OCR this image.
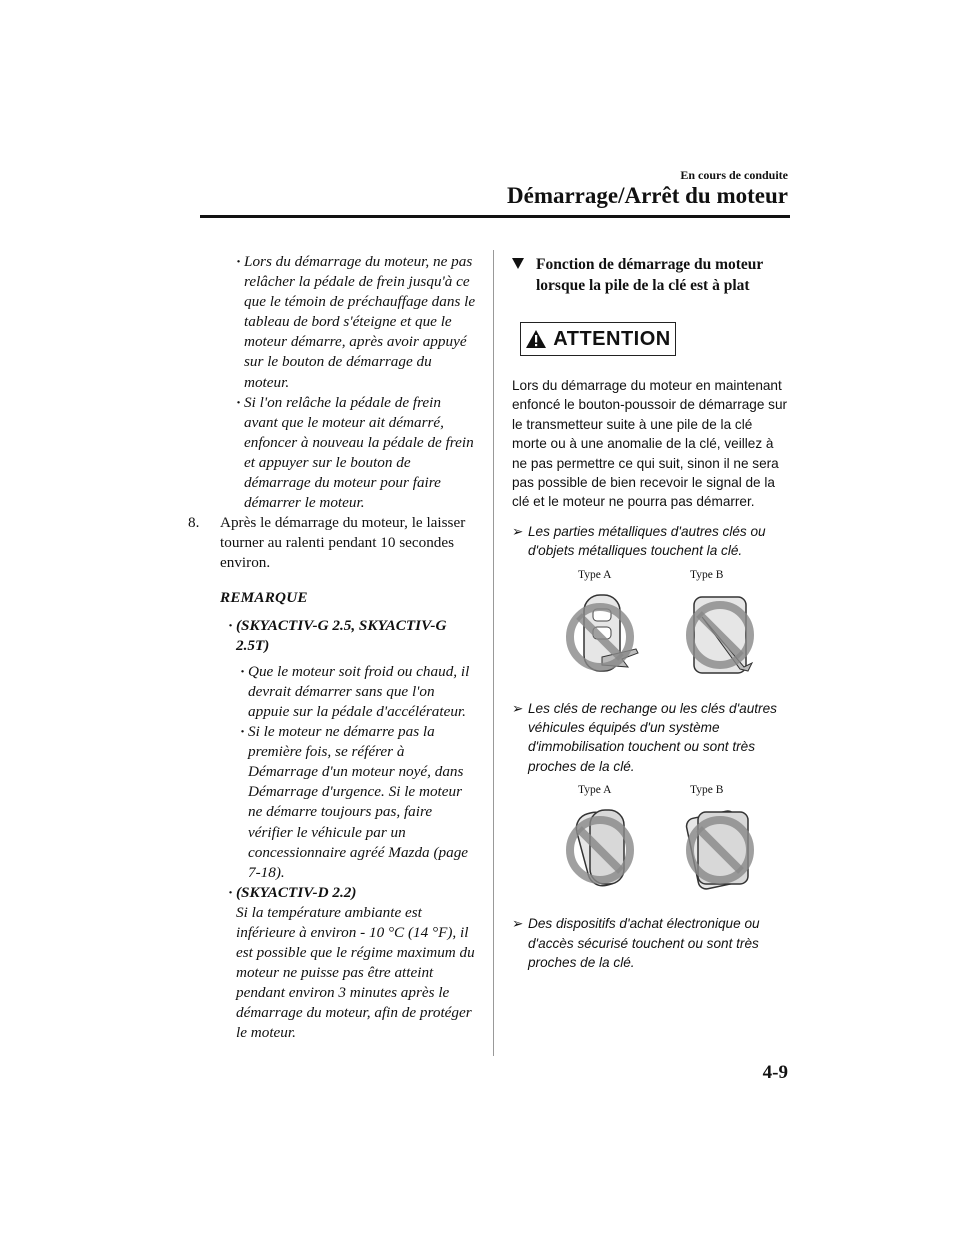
En cours de conduite
Démarrage/Arrêt du moteur
· Lors du démarrage du moteur, ne pas relâcher la pédale de frein jusqu'à ce que le témoin de préchauffage dans le tableau de bord s'éteigne et que le moteur démarre, après avoir appuyé sur le bouton de démarrage du moteur.
· Si l'on relâche la pédale de frein avant que le moteur ait démarré, enfoncer à nouveau la pédale de frein et appuyer sur le bouton de démarrage du moteur pour faire démarrer le moteur.
8. Après le démarrage du moteur, le laisser tourner au ralenti pendant 10 secondes environ.
REMARQUE
· (SKYACTIV-G 2.5, SKYACTIV-G 2.5T)
· Que le moteur soit froid ou chaud, il devrait démarrer sans que l'on appuie sur la pédale d'accélérateur.
· Si le moteur ne démarre pas la première fois, se référer à Démarrage d'un moteur noyé, dans Démarrage d'urgence. Si le moteur ne démarre toujours pas, faire vérifier le véhicule par un concessionnaire agréé Mazda (page 7-18).
· (SKYACTIV-D 2.2)
Si la température ambiante est inférieure à environ - 10 °C (14 °F), il est possible que le régime maximum du moteur ne puisse pas être atteint pendant environ 3 minutes après le démarrage du moteur, afin de protéger le moteur.
Fonction de démarrage du moteur lorsque la pile de la clé est à plat
ATTENTION
Lors du démarrage du moteur en maintenant enfoncé le bouton-poussoir de démarrage sur le transmetteur suite à une pile de la clé morte ou à une anomalie de la clé, veillez à ne pas permettre ce qui suit, sinon il ne sera pas possible de bien recevoir le signal de la clé et le moteur ne pourra pas démarrer.
➢ Les parties métalliques d'autres clés ou d'objets métalliques touchent la clé.
Type A	Type B
➢ Les clés de rechange ou les clés d'autres véhicules équipés d'un système d'immobilisation touchent ou sont très proches de la clé.
Type A	Type B
➢ Des dispositifs d'achat électronique ou d'accès sécurisé touchent ou sont très proches de la clé.
4-9
